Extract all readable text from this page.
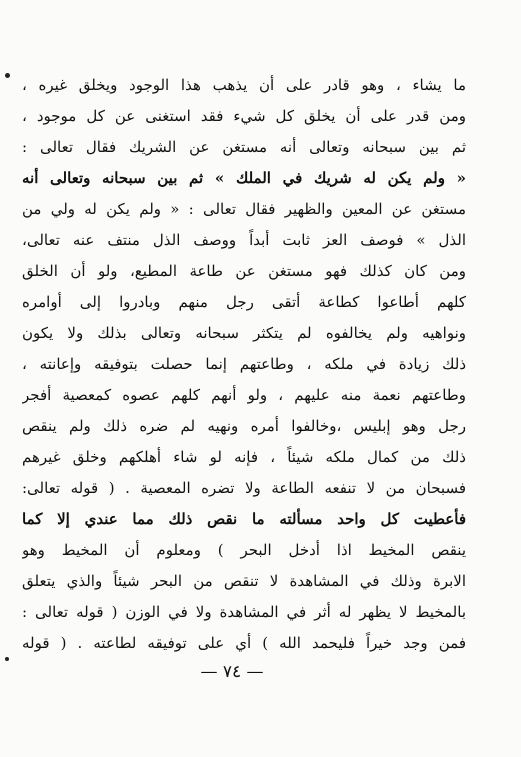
ما يشاء ، وهو قادر على أن يذهب هذا الوجود ويخلق غيره ،
ومن قدر على أن يخلق كل شيء فقد استغنى عن كل موجود ،
ثم بين سبحانه وتعالى أنه مستغن عن الشريك فقال تعالى :
« ولم يكن له شريك في الملك » ثم بين سبحانه وتعالى أنه
مستغن عن المعين والظهير فقال تعالى : « ولم يكن له ولي من
الذل » فوصف العز ثابت أبداً ووصف الذل منتف عنه تعالى،
ومن كان كذلك فهو مستغن عن طاعة المطيع، ولو أن الخلق
كلهم أطاعوا كطاعة أتقى رجل منهم وبادروا إلى أوامره
ونواهيه ولم يخالفوه لم يتكثر سبحانه وتعالى بذلك ولا يكون
ذلك زيادة في ملكه ، وطاعتهم إنما حصلت بتوفيقه وإعانته ،
وطاعتهم نعمة منه عليهم ، ولو أنهم كلهم عصوه كمعصية أفجر
رجل وهو إبليس ،وخالفوا أمره ونهيه لم ضره ذلك ولم ينقص
ذلك من كمال ملكه شيئاً ، فإنه لو شاء أهلكهم وخلق غيرهم
فسبحان من لا تنفعه الطاعة ولا تضره المعصية . ( قوله تعالى:
فأعطيت كل واحد مسألته ما نقص ذلك مما عندي إلا كما
ينقص المخيط اذا أدخل البحر ) ومعلوم أن المخيط وهو
الابرة وذلك في المشاهدة لا تنقص من البحر شيئاً والذي يتعلق
بالمخيط لا يظهر له أثر في المشاهدة ولا في الوزن ( قوله تعالى :
فمن وجد خيراً فليحمد الله ) أي على توفيقه لطاعته . ( قوله
— ٧٤ —
